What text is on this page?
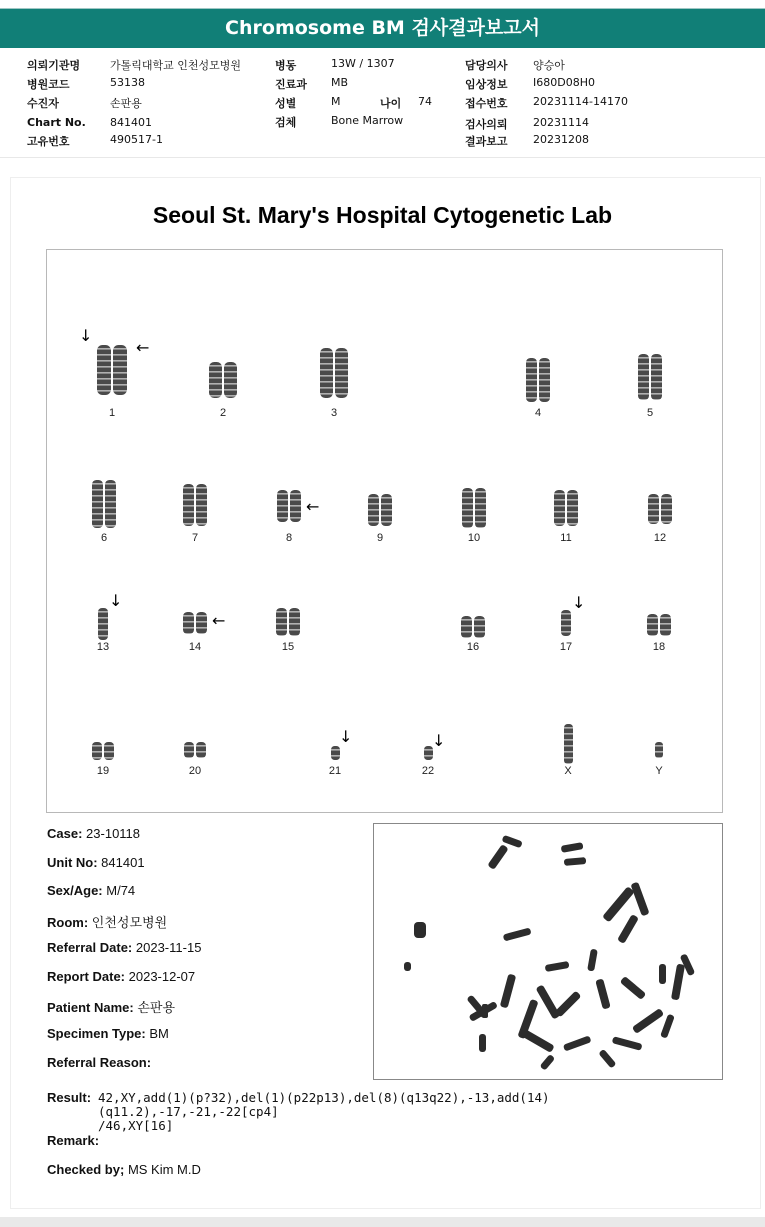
Chromosome BM 검사결과보고서
의뢰기관명	가톨릭대학교 인천성모병원
병원코드	53138
수진자	손판용
Chart No. 841401
고유번호	490517-1
병동	13W / 1307
진료과 MB
성별	M	나이 74
검체	Bone Marrow
담당의사 양승아
임상정보 I680D08H0
접수번호 20231114-14170
검사의뢰 20231114
결과보고 20231208
Seoul St. Mary's Hospital Cytogenetic Lab
↓
←
←
↓
←
↓
↓	↓
1	2	3	4	5
6	7	8	9	10	11	12
13	14	15	16	17	18
19	20	21	22	X	Y
Case: 23-10118
Unit No: 841401
Sex/Age: M/74
Room: 인천성모병원
Referral Date: 2023-11-15
Report Date: 2023-12-07
Patient Name: 손판용
Specimen Type: BM
Referral Reason:
Result: 42,XY,add(1)(p?32),del(1)(p22p13),del(8)(q13q22),-13,add(14)(q11.2),-17,-21,-22[cp4]
/46,XY[16]
Remark:
Checked by; MS Kim M.D
